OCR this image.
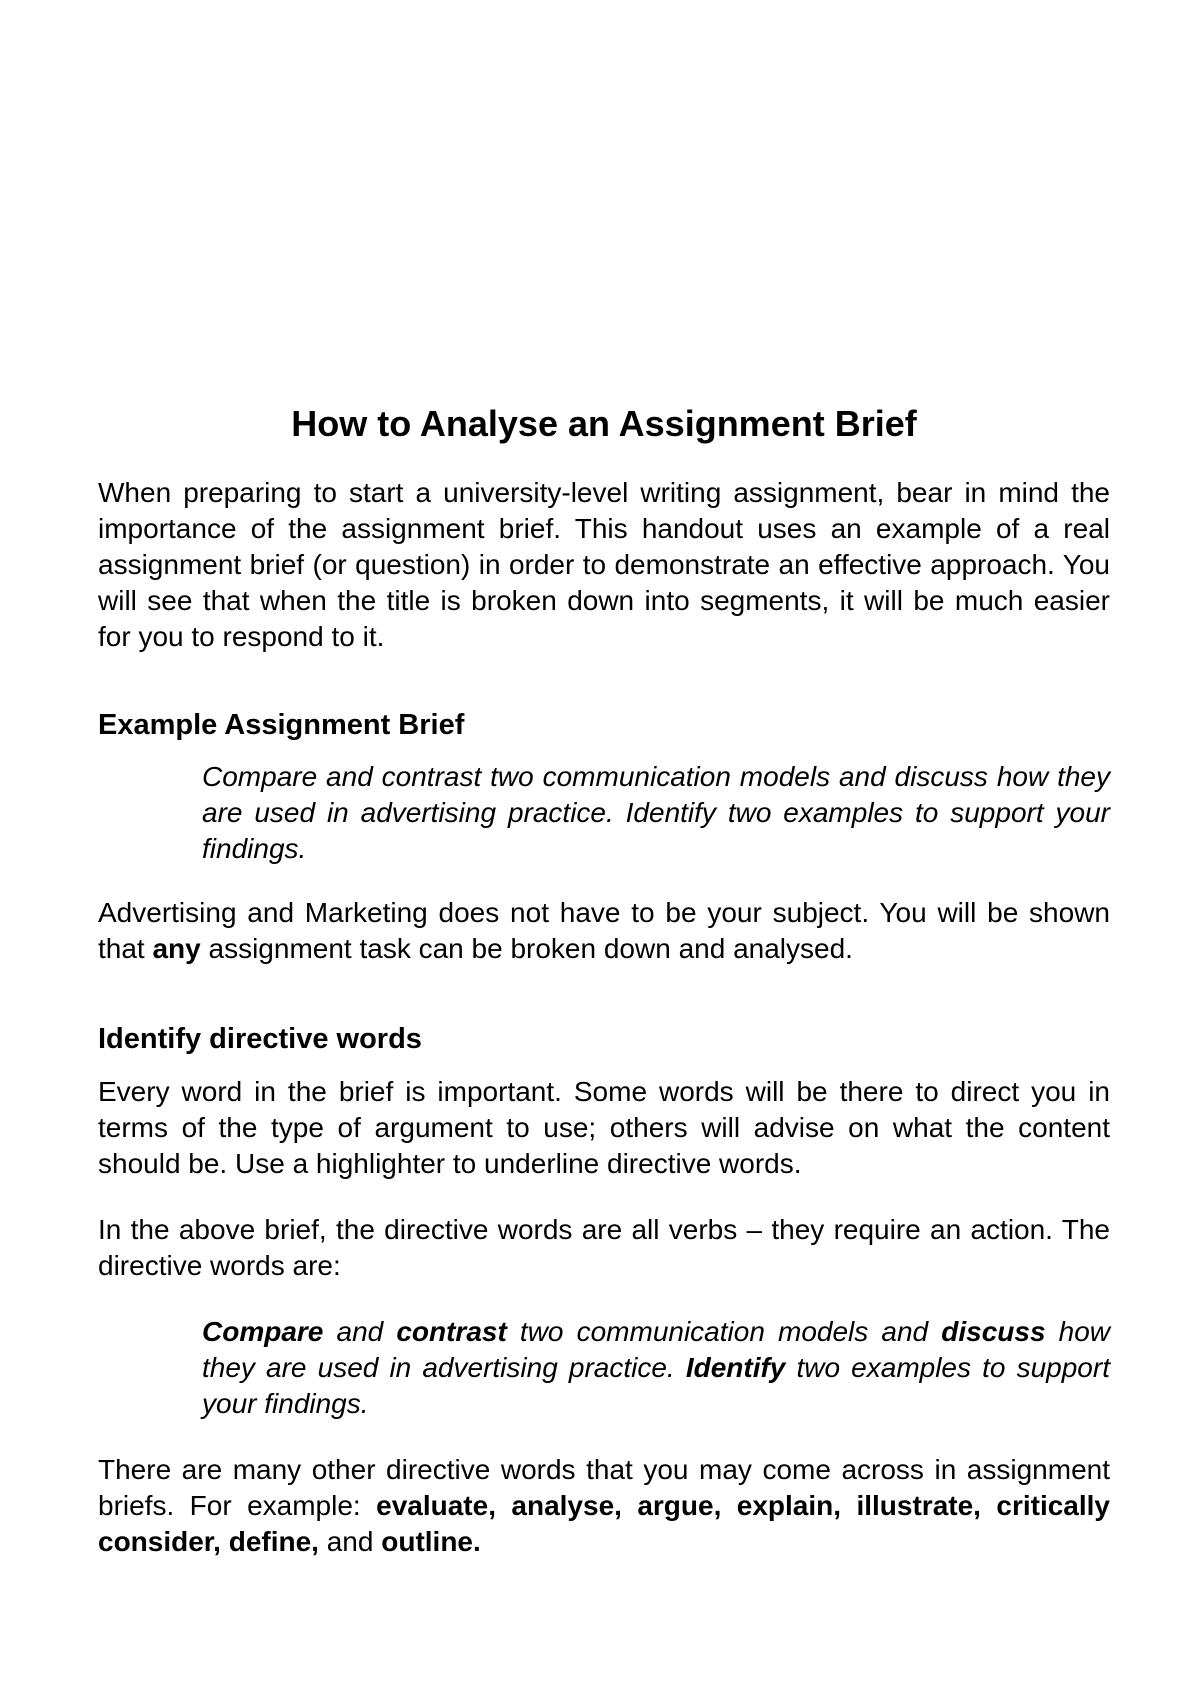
How to Analyse an Assignment Brief

When preparing to start a university-level writing assignment, bear in mind the importance of the assignment brief. This handout uses an example of a real assignment brief (or question) in order to demonstrate an effective approach. You will see that when the title is broken down into segments, it will be much easier for you to respond to it.

Example Assignment Brief

Compare and contrast two communication models and discuss how they are used in advertising practice. Identify two examples to support your findings.

Advertising and Marketing does not have to be your subject. You will be shown that any assignment task can be broken down and analysed.

Identify directive words

Every word in the brief is important. Some words will be there to direct you in terms of the type of argument to use; others will advise on what the content should be. Use a highlighter to underline directive words.

In the above brief, the directive words are all verbs – they require an action. The directive words are:

Compare and contrast two communication models and discuss how they are used in advertising practice. Identify two examples to support your findings.

There are many other directive words that you may come across in assignment briefs. For example: evaluate, analyse, argue, explain, illustrate, critically consider, define, and outline.
